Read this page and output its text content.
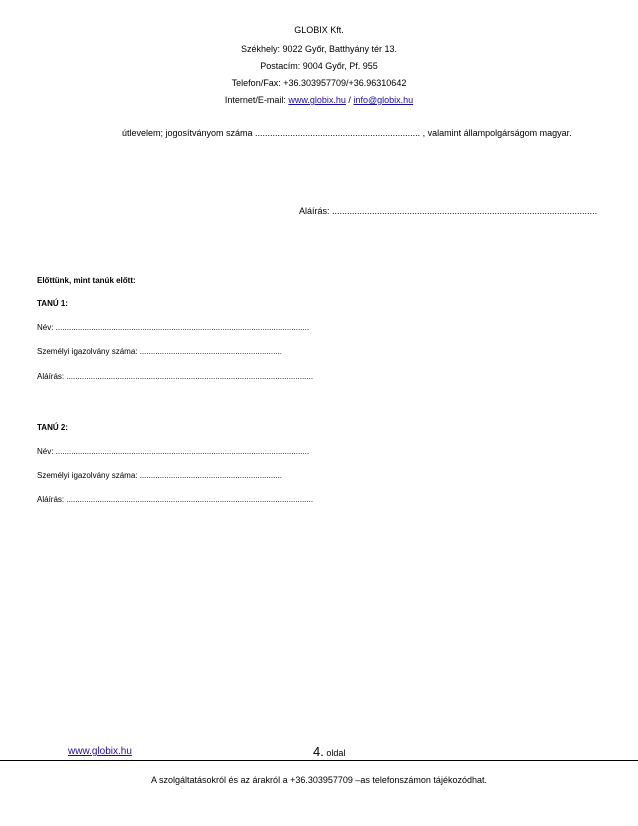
GLOBIX Kft.
Székhely: 9022 Győr, Batthyány tér 13.
Postacím: 9004 Győr, Pf. 955
Telefon/Fax: +36.303957709/+36.96310642
Internet/E-mail: www.globix.hu / info@globix.hu
útlevelem; jogosítványom száma .................................................................. , valamint állampolgárságom magyar.
Aláírás: ..........................................................................................................
Előttünk, mint tanúk előtt:
TANÚ 1:
Név: ..................................................................................................................
Személyi igazolvány száma: ................................................................
Aláírás: ...............................................................................................................
TANÚ 2:
Név: ..................................................................................................................
Személyi igazolvány száma: ................................................................
Aláírás: ...............................................................................................................
www.globix.hu	4. oldal
A szolgáltatásokról és az árakról a +36.303957709 –as telefonszámon tájékozódhat.
